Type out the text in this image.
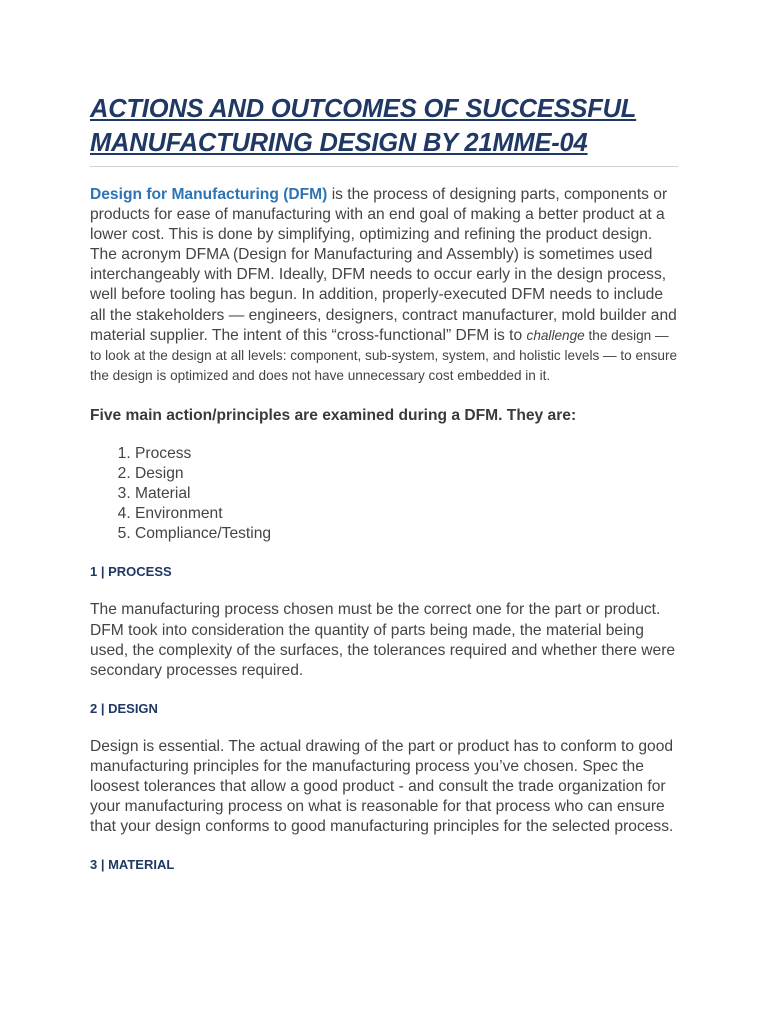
ACTIONS AND OUTCOMES OF SUCCESSFUL
MANUFACTURING DESIGN BY 21MME-04

Design for Manufacturing (DFM) is the process of designing parts, components or products for ease of manufacturing with an end goal of making a better product at a lower cost. This is done by simplifying, optimizing and refining the product design. The acronym DFMA (Design for Manufacturing and Assembly) is sometimes used interchangeably with DFM. Ideally, DFM needs to occur early in the design process, well before tooling has begun. In addition, properly-executed DFM needs to include all the stakeholders — engineers, designers, contract manufacturer, mold builder and material supplier. The intent of this “cross-functional” DFM is to challenge the design — to look at the design at all levels: component, sub-system, system, and holistic levels — to ensure the design is optimized and does not have unnecessary cost embedded in it.

Five main action/principles are examined during a DFM. They are:

1. Process
2. Design
3. Material
4. Environment
5. Compliance/Testing
1 | PROCESS

The manufacturing process chosen must be the correct one for the part or product. DFM took into consideration the quantity of parts being made, the material being used, the complexity of the surfaces, the tolerances required and whether there were secondary processes required.

2 | DESIGN

Design is essential. The actual drawing of the part or product has to conform to good manufacturing principles for the manufacturing process you’ve chosen. Spec the loosest tolerances that allow a good product - and consult the trade organization for your manufacturing process on what is reasonable for that process who can ensure that your design conforms to good manufacturing principles for the selected process.

3 | MATERIAL
